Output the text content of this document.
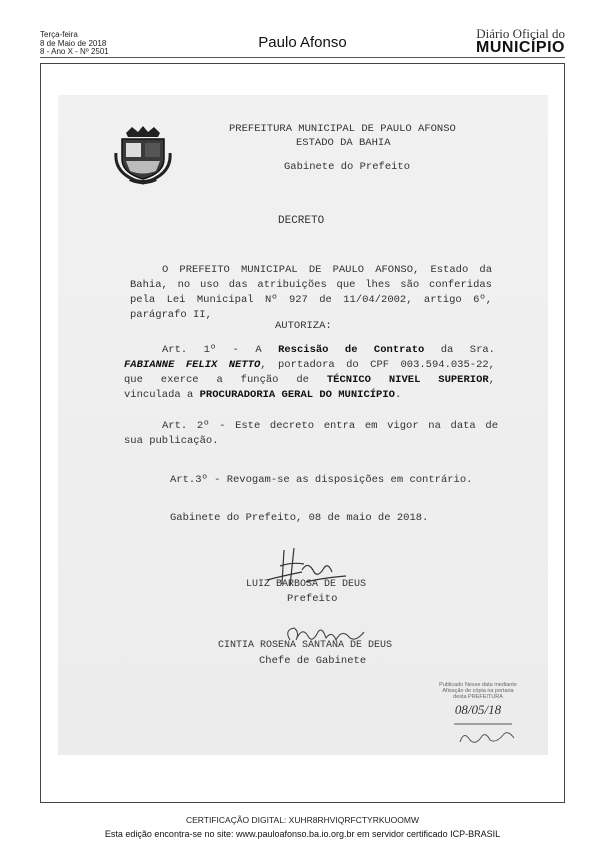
Terça-feira
8 de Maio de 2018
8 - Ano X - Nº 2501
Paulo Afonso
Diário Oficial do
MUNICÍPIO
PREFEITURA MUNICIPAL DE PAULO AFONSO
ESTADO DA BAHIA
Gabinete do Prefeito
DECRETO
O PREFEITO MUNICIPAL DE PAULO AFONSO, Estado da
Bahia, no uso das atribuições que lhes são conferidas
pela Lei Municipal Nº 927 de 11/04/2002, artigo 6º,
parágrafo II,
AUTORIZA:
Art. 1º - A Rescisão de Contrato da Sra.
FABIANNE FELIX NETTO, portadora do CPF 003.594.035-22,
que exerce a função de TÉCNICO NIVEL SUPERIOR,
vinculada a PROCURADORIA GERAL DO MUNICÍPIO.
Art. 2º - Este decreto entra em vigor na data de
sua publicação.
Art.3º - Revogam-se as disposições em contrário.
Gabinete do Prefeito, 08 de maio de 2018.
LUIZ BARBOSA DE DEUS
Prefeito
CINTIA ROSENA SANTANA DE DEUS
Chefe de Gabinete
Publicado Nesse data mediante
Afixação de cópia na portaria
desta PREFEITURA
08/05/18
CERTIFICAÇÃO DIGITAL: XUHR8RHVIQRFCTYRKUOOMW
Esta edição encontra-se no site: www.pauloafonso.ba.io.org.br em servidor certificado ICP-BRASIL
